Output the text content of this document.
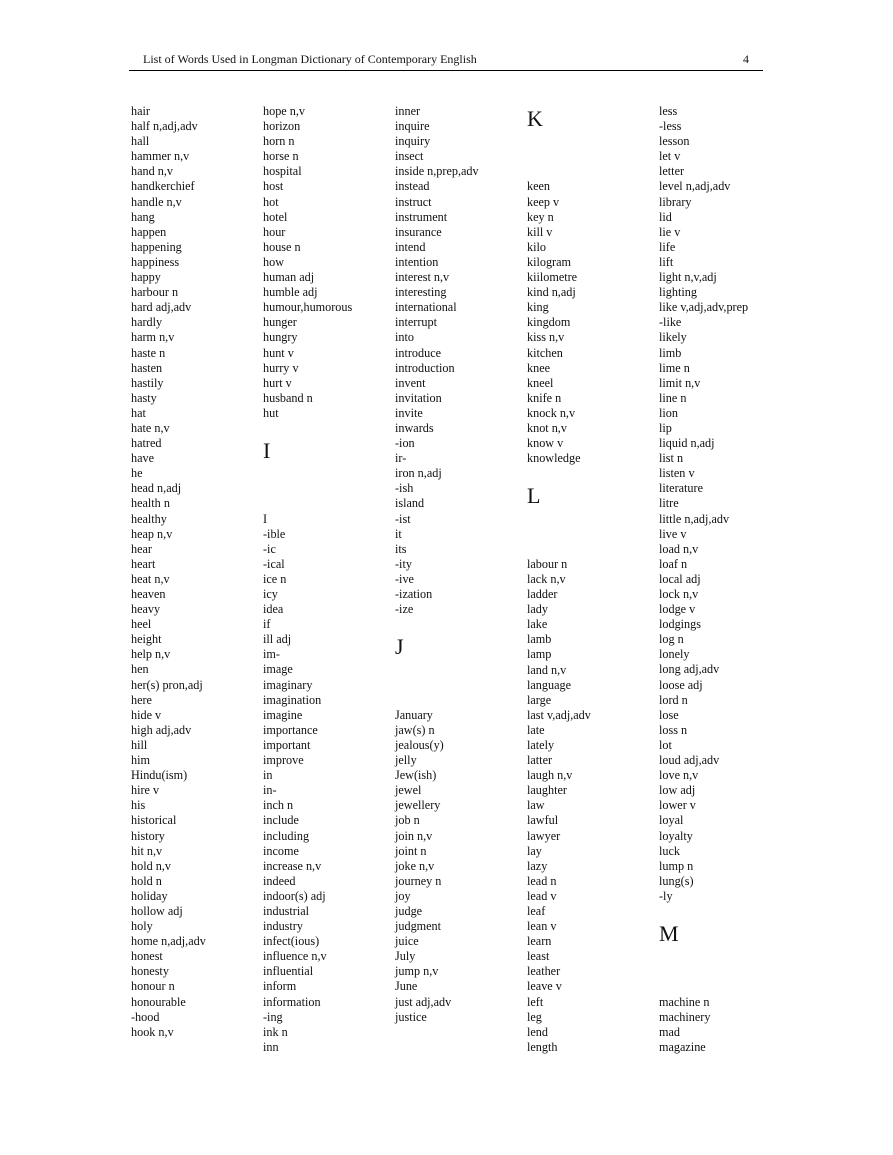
List of Words Used in Longman Dictionary of Contemporary English	4
hair
half n,adj,adv
hall
hammer n,v
hand n,v
handkerchief
handle n,v
hang
happen
happening
happiness
happy
harbour n
hard adj,adv
hardly
harm n,v
haste n
hasten
hastily
hasty
hat
hate n,v
hatred
have
he
head n,adj
health n
healthy
heap n,v
hear
heart
heat n,v
heaven
heavy
heel
height
help n,v
hen
her(s) pron,adj
here
hide v
high adj,adv
hill
him
Hindu(ism)
hire v
his
historical
history
hit n,v
hold n,v
hold n
holiday
hollow adj
holy
home n,adj,adv
honest
honesty
honour n
honourable
-hood
hook n,v
hope n,v
horizon
horn n
horse n
hospital
host
hot
hotel
hour
house n
how
human adj
humble adj
humour,humorous
hunger
hungry
hunt v
hurry v
hurt v
husband n
hut
I
I
-ible
-ic
-ical
ice n
icy
idea
if
ill adj
im-
image
imaginary
imagination
imagine
importance
important
improve
in
in-
inch n
include
including
income
increase n,v
indeed
indoor(s) adj
industrial
industry
infect(ious)
influence n,v
influential
inform
information
-ing
ink n
inn
inner
inquire
inquiry
insect
inside n,prep,adv
instead
instruct
instrument
insurance
intend
intention
interest n,v
interesting
international
interrupt
into
introduce
introduction
invent
invitation
invite
inwards
-ion
ir-
iron n,adj
-ish
island
-ist
it
its
-ity
-ive
-ization
-ize
J
January
jaw(s) n
jealous(y)
jelly
Jew(ish)
jewel
jewellery
job n
join n,v
joint n
joke n,v
journey n
joy
judge
judgment
juice
July
jump n,v
June
just adj,adv
justice
K
keen
keep v
key n
kill v
kilo
kilogram
kiilometre
kind n,adj
king
kingdom
kiss n,v
kitchen
knee
kneel
knife n
knock n,v
knot n,v
know v
knowledge
L
labour n
lack n,v
ladder
lady
lake
lamb
lamp
land n,v
language
large
last v,adj,adv
late
lately
latter
laugh n,v
laughter
law
lawful
lawyer
lay
lazy
lead n
lead v
leaf
lean v
learn
least
leather
leave v
left
leg
lend
length
less
-less
lesson
let v
letter
level n,adj,adv
library
lid
lie v
life
lift
light n,v,adj
lighting
like v,adj,adv,prep
-like
likely
limb
lime n
limit n,v
line n
lion
lip
liquid n,adj
list n
listen v
literature
litre
little n,adj,adv
live v
load n,v
loaf n
local adj
lock n,v
lodge v
lodgings
log n
lonely
long adj,adv
loose adj
lord n
lose
loss n
lot
loud adj,adv
love n,v
low adj
lower v
loyal
loyalty
luck
lump n
lung(s)
-ly
M
machine n
machinery
mad
magazine
